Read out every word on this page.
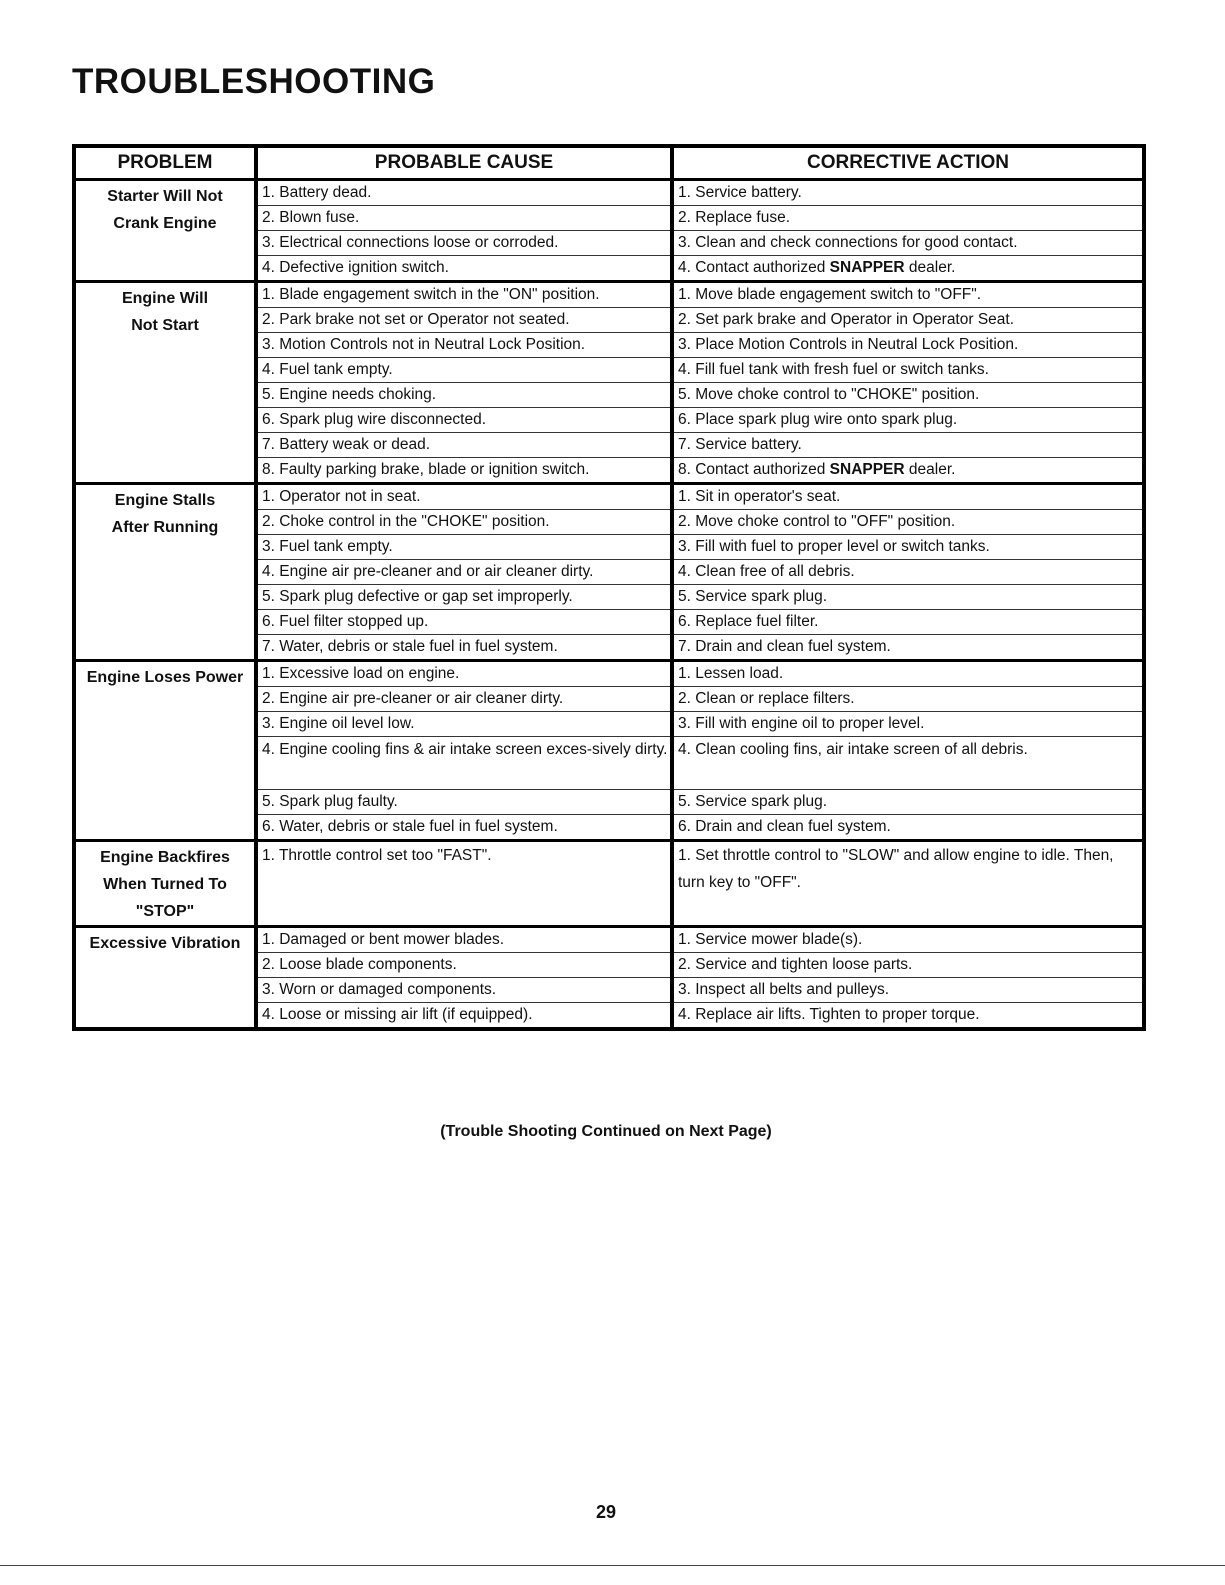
TROUBLESHOOTING
PROBLEM	PROBABLE CAUSE	CORRECTIVE ACTION
Starter Will Not
Crank Engine	1. Battery dead.	1. Service battery.
	2. Blown fuse.	2. Replace fuse.
	3. Electrical connections loose or corroded.	3. Clean and check connections for good contact.
	4. Defective ignition switch.	4. Contact authorized SNAPPER dealer.
Engine Will
Not Start	1. Blade engagement switch in the "ON" position.	1. Move blade engagement switch to "OFF".
	2. Park brake not set or Operator not seated.	2. Set park brake and Operator in Operator Seat.
	3. Motion Controls not in Neutral Lock Position.	3. Place Motion Controls in Neutral Lock Position.
	4. Fuel tank empty.	4. Fill fuel tank with fresh fuel or switch tanks.
	5. Engine needs choking.	5. Move choke control to "CHOKE" position.
	6. Spark plug wire disconnected.	6. Place spark plug wire onto spark plug.
	7. Battery weak or dead.	7. Service battery.
	8. Faulty parking brake, blade or ignition switch.	8. Contact authorized SNAPPER dealer.
Engine Stalls
After Running	1. Operator not in seat.	1. Sit in operator's seat.
	2. Choke control in the "CHOKE" position.	2. Move choke control to "OFF" position.
	3. Fuel tank empty.	3. Fill with fuel to proper level or switch tanks.
	4. Engine air pre-cleaner and or air cleaner dirty.	4. Clean free of all debris.
	5. Spark plug defective or gap set improperly.	5. Service spark plug.
	6. Fuel filter stopped up.	6. Replace fuel filter.
	7. Water, debris or stale fuel in fuel system.	7. Drain and clean fuel system.
Engine Loses Power	1. Excessive load on engine.	1. Lessen load.
	2. Engine air pre-cleaner or air cleaner dirty.	2. Clean or replace filters.
	3. Engine oil level low.	3. Fill with engine oil to proper level.
	4. Engine cooling fins & air intake screen exces-sively dirty.	4. Clean cooling fins, air intake screen of all debris.
	5. Spark plug faulty.	5. Service spark plug.
	6. Water, debris or stale fuel in fuel system.	6. Drain and clean fuel system.
Engine Backfires
When Turned To
"STOP"	1. Throttle control set too "FAST".	1. Set throttle control to "SLOW" and allow engine to idle. Then, turn key to "OFF".
Excessive Vibration	1. Damaged or bent mower blades.	1. Service mower blade(s).
	2. Loose blade components.	2. Service and tighten loose parts.
	3. Worn or damaged components.	3. Inspect all belts and pulleys.
	4. Loose or missing air lift (if equipped).	4. Replace air lifts. Tighten to proper torque.
(Trouble Shooting Continued on Next Page)
29
